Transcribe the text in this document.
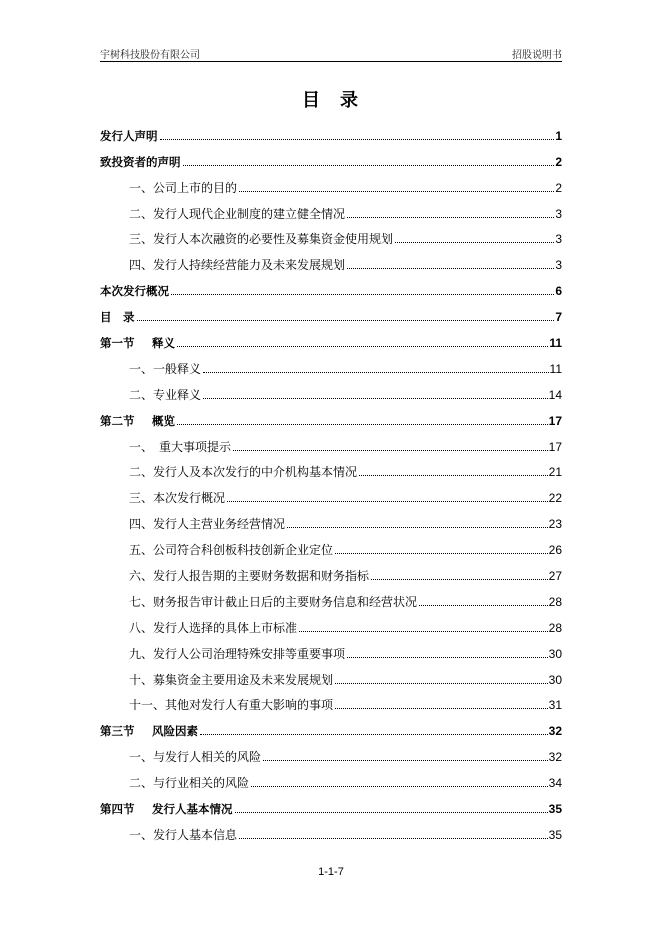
宇树科技股份有限公司	招股说明书
目 录
发行人声明	1
致投资者的声明	2
一、公司上市的目的	2
二、发行人现代企业制度的建立健全情况	3
三、发行人本次融资的必要性及募集资金使用规划	3
四、发行人持续经营能力及未来发展规划	3
本次发行概况	6
目　录	7
第一节 释义	11
一、一般释义	11
二、专业释义	14
第二节 概览	17
一、　重大事项提示	17
二、发行人及本次发行的中介机构基本情况	21
三、本次发行概况	22
四、发行人主营业务经营情况	23
五、公司符合科创板科技创新企业定位	26
六、发行人报告期的主要财务数据和财务指标	27
七、财务报告审计截止日后的主要财务信息和经营状况	28
八、发行人选择的具体上市标准	28
九、发行人公司治理特殊安排等重要事项	30
十、募集资金主要用途及未来发展规划	30
十一、其他对发行人有重大影响的事项	31
第三节 风险因素	32
一、与发行人相关的风险	32
二、与行业相关的风险	34
第四节 发行人基本情况	35
一、发行人基本信息	35
1-1-7
